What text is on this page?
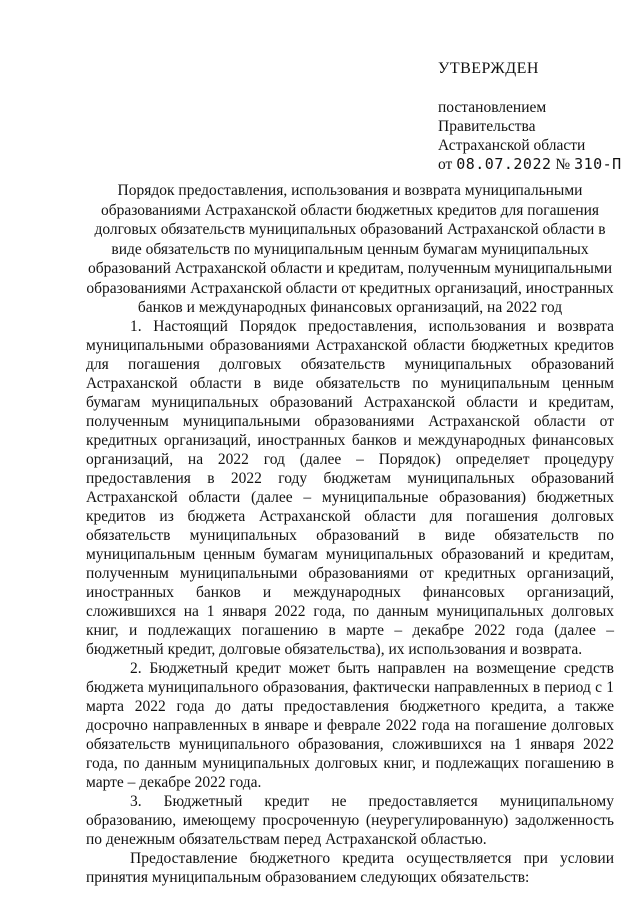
УТВЕРЖДЕН
постановлением
Правительства
Астраханской области
от 08.07.2022 № 310-П
Порядок предоставления, использования и возврата муниципальными образованиями Астраханской области бюджетных кредитов для погашения долговых обязательств муниципальных образований Астраханской области в виде обязательств по муниципальным ценным бумагам муниципальных образований Астраханской области и кредитам, полученным муниципальными образованиями Астраханской области от кредитных организаций, иностранных банков и международных финансовых организаций, на 2022 год

1. Настоящий Порядок предоставления, использования и возврата муниципальными образованиями Астраханской области бюджетных кредитов для погашения долговых обязательств муниципальных образований Астраханской области в виде обязательств по муниципальным ценным бумагам муниципальных образований Астраханской области и кредитам, полученным муниципальными образованиями Астраханской области от кредитных организаций, иностранных банков и международных финансовых организаций, на 2022 год (далее – Порядок) определяет процедуру предоставления в 2022 году бюджетам муниципальных образований Астраханской области (далее – муниципальные образования) бюджетных кредитов из бюджета Астраханской области для погашения долговых обязательств муниципальных образований в виде обязательств по муниципальным ценным бумагам муниципальных образований и кредитам, полученным муниципальными образованиями от кредитных организаций, иностранных банков и международных финансовых организаций, сложившихся на 1 января 2022 года, по данным муниципальных долговых книг, и подлежащих погашению в марте – декабре 2022 года (далее – бюджетный кредит, долговые обязательства), их использования и возврата.

2. Бюджетный кредит может быть направлен на возмещение средств бюджета муниципального образования, фактически направленных в период с 1 марта 2022 года до даты предоставления бюджетного кредита, а также досрочно направленных в январе и феврале 2022 года на погашение долговых обязательств муниципального образования, сложившихся на 1 января 2022 года, по данным муниципальных долговых книг, и подлежащих погашению в марте – декабре 2022 года.

3. Бюджетный кредит не предоставляется муниципальному образованию, имеющему просроченную (неурегулированную) задолженность по денежным обязательствам перед Астраханской областью.

Предоставление бюджетного кредита осуществляется при условии принятия муниципальным образованием следующих обязательств:
